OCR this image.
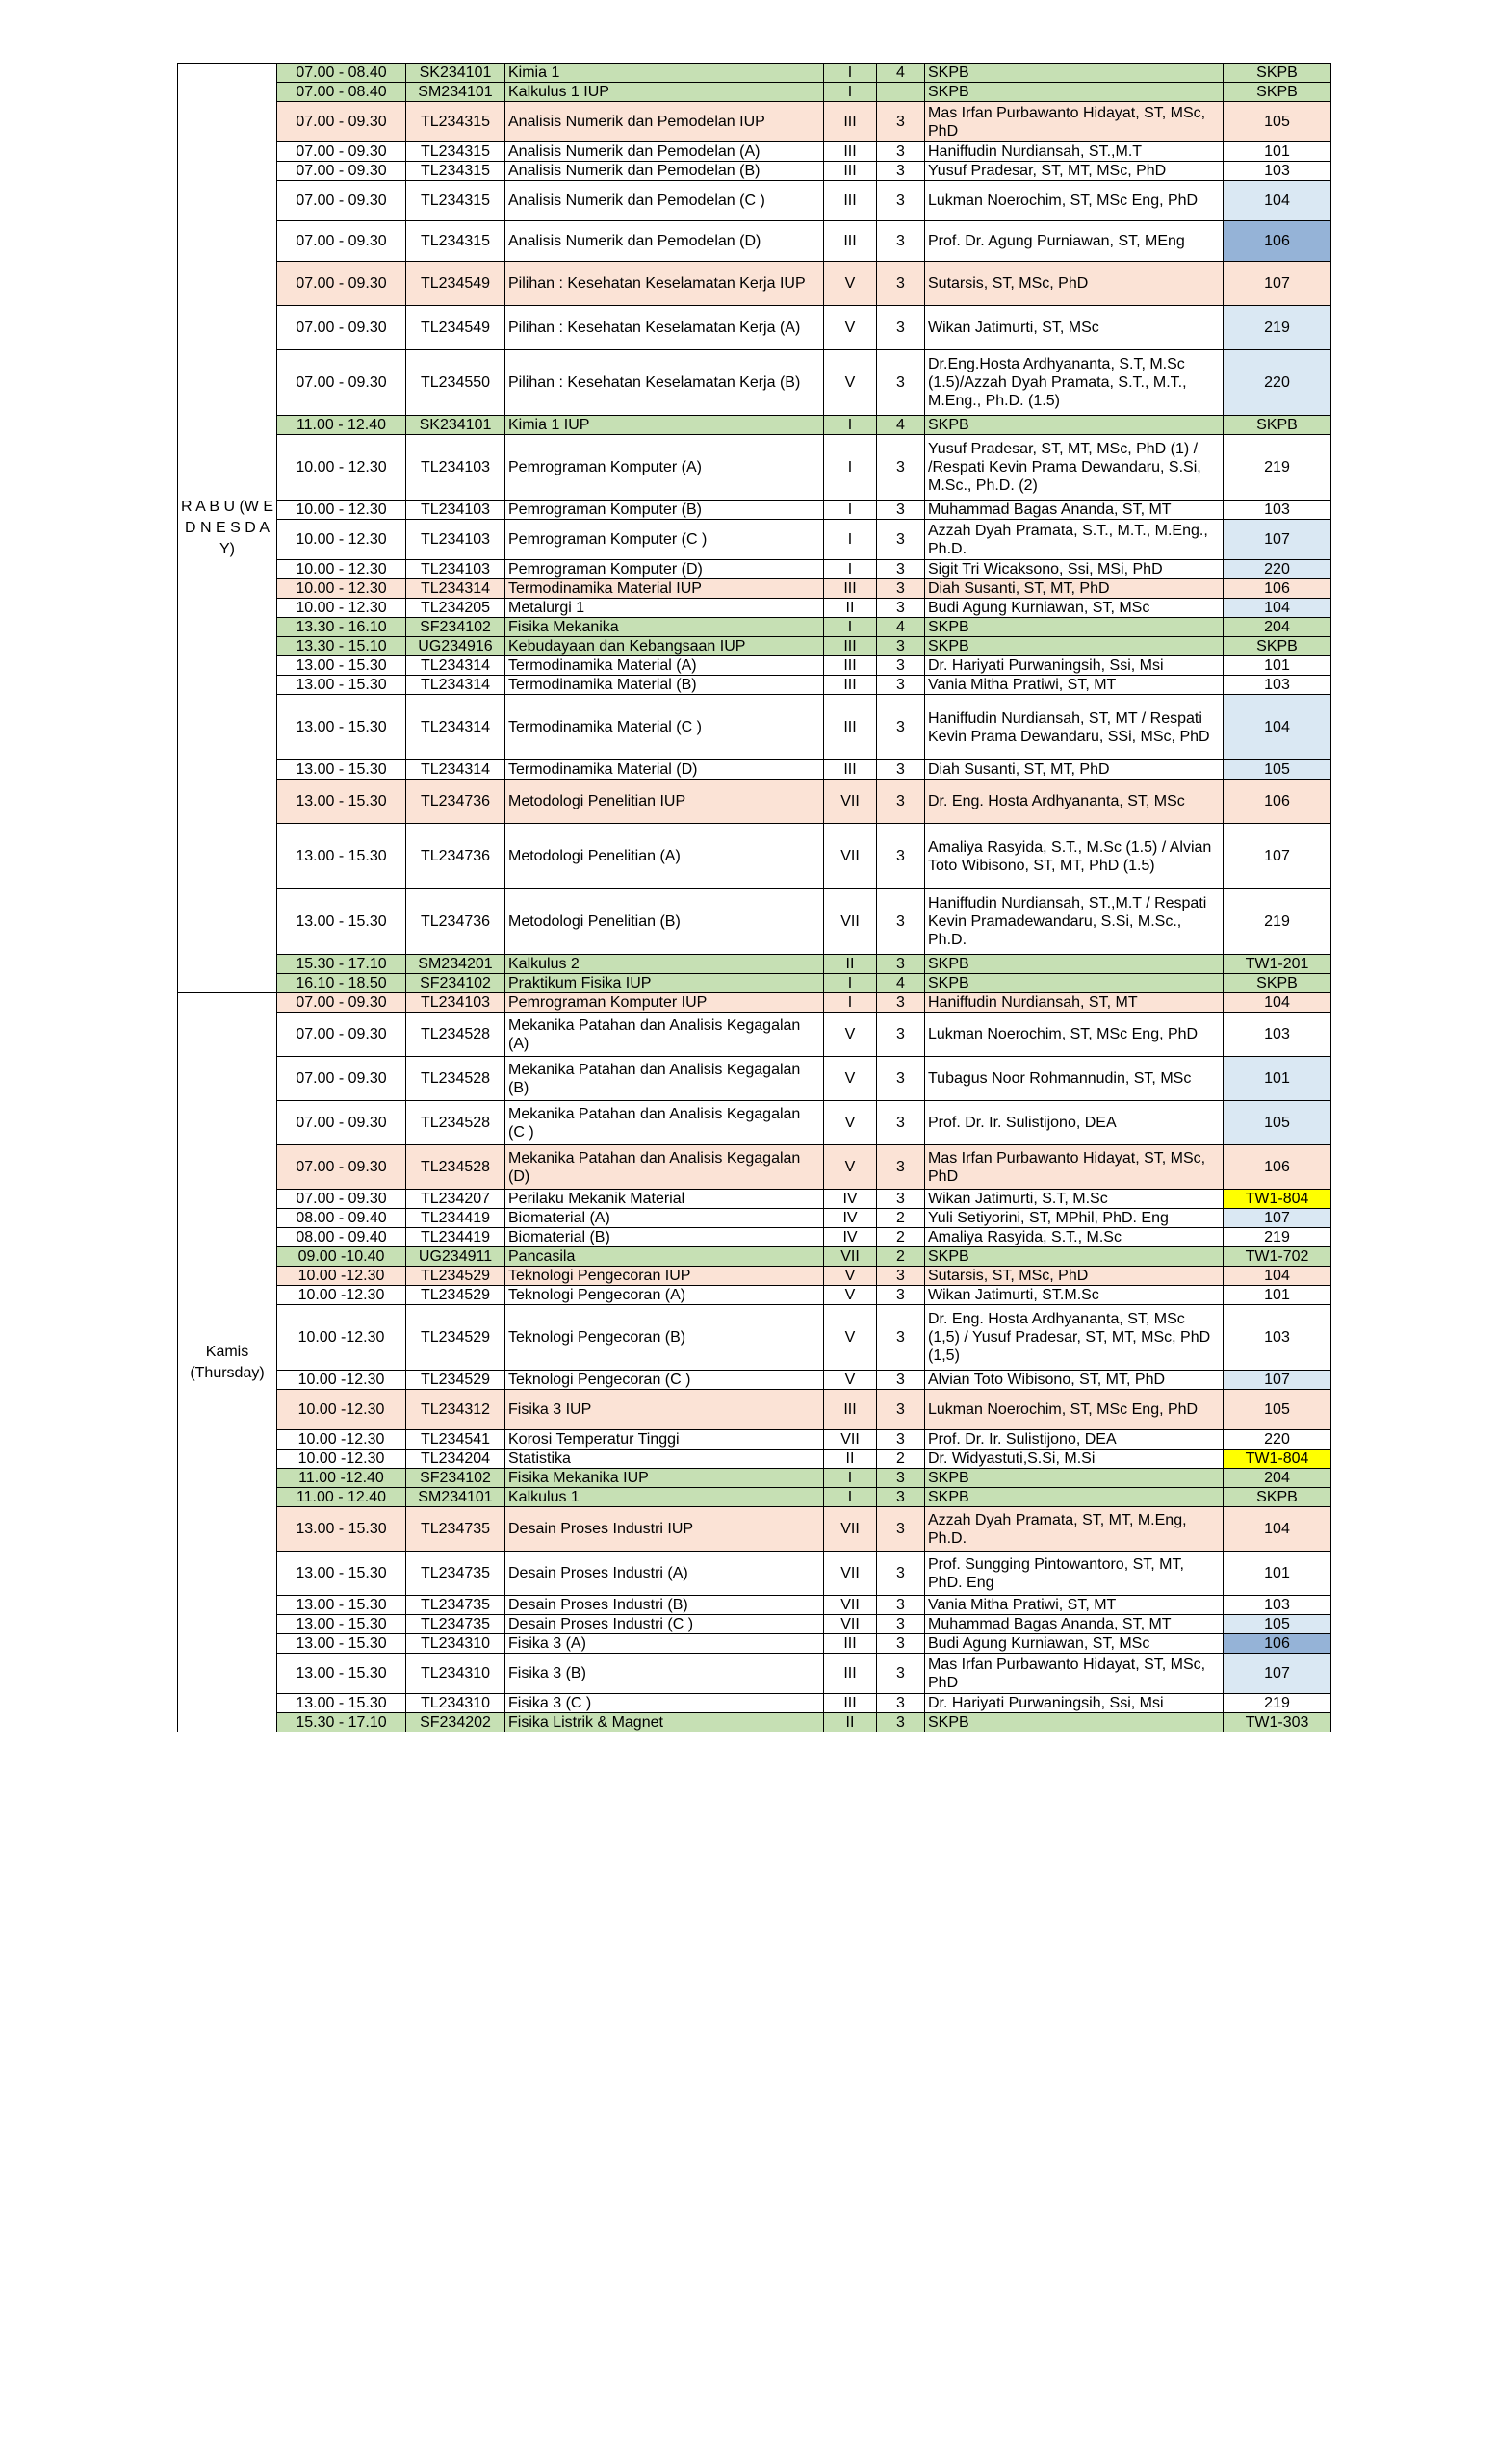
R A B U (W E D N E S D A Y)	07.00 - 08.40	SK234101	Kimia 1	I	4	SKPB	SKPB
	07.00 - 08.40	SM234101	Kalkulus 1 IUP	I		SKPB	SKPB
	07.00 - 09.30	TL234315	Analisis Numerik dan Pemodelan IUP	III	3	Mas Irfan Purbawanto Hidayat, ST, MSc, PhD	105
	07.00 - 09.30	TL234315	Analisis Numerik dan Pemodelan (A)	III	3	Haniffudin Nurdiansah, ST.,M.T	101
	07.00 - 09.30	TL234315	Analisis Numerik dan Pemodelan (B)	III	3	Yusuf Pradesar, ST, MT, MSc, PhD	103
	07.00 - 09.30	TL234315	Analisis Numerik dan Pemodelan (C )	III	3	Lukman Noerochim, ST, MSc Eng, PhD	104
	07.00 - 09.30	TL234315	Analisis Numerik dan Pemodelan (D)	III	3	Prof. Dr. Agung Purniawan, ST, MEng	106
	07.00 - 09.30	TL234549	Pilihan : Kesehatan Keselamatan Kerja IUP	V	3	Sutarsis, ST, MSc, PhD	107
	07.00 - 09.30	TL234549	Pilihan : Kesehatan Keselamatan Kerja (A)	V	3	Wikan Jatimurti, ST, MSc	219
	07.00 - 09.30	TL234550	Pilihan : Kesehatan Keselamatan Kerja (B)	V	3	Dr.Eng.Hosta Ardhyananta, S.T, M.Sc (1.5)/Azzah Dyah Pramata, S.T., M.T., M.Eng., Ph.D. (1.5)	220
	11.00 - 12.40	SK234101	Kimia 1 IUP	I	4	SKPB	SKPB
	10.00 - 12.30	TL234103	Pemrograman Komputer (A)	I	3	Yusuf Pradesar, ST, MT, MSc, PhD (1) / /Respati Kevin Prama Dewandaru, S.Si, M.Sc., Ph.D. (2)	219
	10.00 - 12.30	TL234103	Pemrograman Komputer (B)	I	3	Muhammad Bagas Ananda, ST, MT	103
	10.00 - 12.30	TL234103	Pemrograman Komputer (C )	I	3	Azzah Dyah Pramata, S.T., M.T., M.Eng., Ph.D.	107
	10.00 - 12.30	TL234103	Pemrograman Komputer (D)	I	3	Sigit Tri Wicaksono, Ssi, MSi, PhD	220
	10.00 - 12.30	TL234314	Termodinamika Material IUP	III	3	Diah Susanti, ST, MT, PhD	106
	10.00 - 12.30	TL234205	Metalurgi 1	II	3	Budi Agung Kurniawan, ST, MSc	104
	13.30 - 16.10	SF234102	Fisika Mekanika	I	4	SKPB	204
	13.30 - 15.10	UG234916	Kebudayaan dan Kebangsaan IUP	III	3	SKPB	SKPB
	13.00 - 15.30	TL234314	Termodinamika Material (A)	III	3	Dr. Hariyati Purwaningsih, Ssi, Msi	101
	13.00 - 15.30	TL234314	Termodinamika Material (B)	III	3	Vania Mitha Pratiwi, ST, MT	103
	13.00 - 15.30	TL234314	Termodinamika Material (C )	III	3	Haniffudin Nurdiansah, ST, MT / Respati Kevin Prama Dewandaru, SSi, MSc, PhD	104
	13.00 - 15.30	TL234314	Termodinamika Material (D)	III	3	Diah Susanti, ST, MT, PhD	105
	13.00 - 15.30	TL234736	Metodologi Penelitian IUP	VII	3	Dr. Eng. Hosta Ardhyananta, ST, MSc	106
	13.00 - 15.30	TL234736	Metodologi Penelitian (A)	VII	3	Amaliya Rasyida, S.T., M.Sc (1.5) / Alvian Toto Wibisono, ST, MT, PhD (1.5)	107
	13.00 - 15.30	TL234736	Metodologi Penelitian (B)	VII	3	Haniffudin Nurdiansah, ST.,M.T / Respati Kevin Pramadewandaru, S.Si, M.Sc., Ph.D.	219
	15.30 - 17.10	SM234201	Kalkulus 2	II	3	SKPB	TW1-201
	16.10 - 18.50	SF234102	Praktikum Fisika IUP	I	4	SKPB	SKPB
Kamis (Thursday)	07.00 - 09.30	TL234103	Pemrograman Komputer IUP	I	3	Haniffudin Nurdiansah, ST, MT	104
	07.00 - 09.30	TL234528	Mekanika Patahan dan Analisis Kegagalan (A)	V	3	Lukman Noerochim, ST, MSc Eng, PhD	103
	07.00 - 09.30	TL234528	Mekanika Patahan dan Analisis Kegagalan (B)	V	3	Tubagus Noor Rohmannudin, ST, MSc	101
	07.00 - 09.30	TL234528	Mekanika Patahan dan Analisis Kegagalan (C )	V	3	Prof. Dr. Ir. Sulistijono, DEA	105
	07.00 - 09.30	TL234528	Mekanika Patahan dan Analisis Kegagalan (D)	V	3	Mas Irfan Purbawanto Hidayat, ST, MSc, PhD	106
	07.00 - 09.30	TL234207	Perilaku Mekanik Material	IV	3	Wikan Jatimurti, S.T, M.Sc	TW1-804
	08.00 - 09.40	TL234419	Biomaterial (A)	IV	2	Yuli Setiyorini, ST, MPhil, PhD. Eng	107
	08.00 - 09.40	TL234419	Biomaterial (B)	IV	2	Amaliya Rasyida, S.T., M.Sc	219
	09.00 -10.40	UG234911	Pancasila	VII	2	SKPB	TW1-702
	10.00 -12.30	TL234529	Teknologi Pengecoran IUP	V	3	Sutarsis, ST, MSc, PhD	104
	10.00 -12.30	TL234529	Teknologi Pengecoran (A)	V	3	Wikan Jatimurti, ST.M.Sc	101
	10.00 -12.30	TL234529	Teknologi Pengecoran (B)	V	3	Dr. Eng. Hosta Ardhyananta, ST, MSc (1,5) / Yusuf Pradesar, ST, MT, MSc, PhD (1,5)	103
	10.00 -12.30	TL234529	Teknologi Pengecoran (C )	V	3	Alvian Toto Wibisono, ST, MT, PhD	107
	10.00 -12.30	TL234312	Fisika 3 IUP	III	3	Lukman Noerochim, ST, MSc Eng, PhD	105
	10.00 -12.30	TL234541	Korosi Temperatur Tinggi	VII	3	Prof. Dr. Ir. Sulistijono, DEA	220
	10.00 -12.30	TL234204	Statistika	II	2	Dr. Widyastuti,S.Si, M.Si	TW1-804
	11.00 -12.40	SF234102	Fisika Mekanika IUP	I	3	SKPB	204
	11.00 - 12.40	SM234101	Kalkulus 1	I	3	SKPB	SKPB
	13.00 - 15.30	TL234735	Desain Proses Industri IUP	VII	3	Azzah Dyah Pramata, ST, MT, M.Eng, Ph.D.	104
	13.00 - 15.30	TL234735	Desain Proses Industri (A)	VII	3	Prof. Sungging Pintowantoro, ST, MT, PhD. Eng	101
	13.00 - 15.30	TL234735	Desain Proses Industri (B)	VII	3	Vania Mitha Pratiwi, ST, MT	103
	13.00 - 15.30	TL234735	Desain Proses Industri (C )	VII	3	Muhammad Bagas Ananda, ST, MT	105
	13.00 - 15.30	TL234310	Fisika 3 (A)	III	3	Budi Agung Kurniawan, ST, MSc	106
	13.00 - 15.30	TL234310	Fisika 3 (B)	III	3	Mas Irfan Purbawanto Hidayat, ST, MSc, PhD	107
	13.00 - 15.30	TL234310	Fisika 3 (C )	III	3	Dr. Hariyati Purwaningsih, Ssi, Msi	219
	15.30 - 17.10	SF234202	Fisika Listrik & Magnet	II	3	SKPB	TW1-303
